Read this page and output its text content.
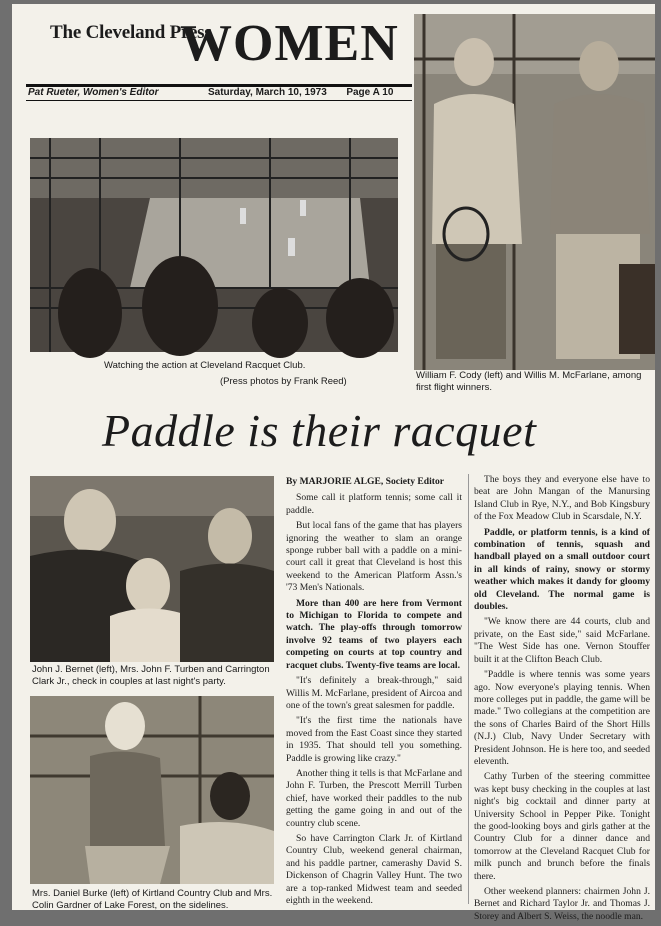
The Cleveland Press
WOMEN
Pat Rueter, Women's Editor	Saturday, March 10, 1973 Page A 10
Watching the action at Cleveland Racquet Club.
(Press photos by Frank Reed)
William F. Cody (left) and Willis M. McFarlane, among first flight winners.
Paddle is their racquet
John J. Bernet (left), Mrs. John F. Turben and Carrington Clark Jr., check in couples at last night's party.
Mrs. Daniel Burke (left) of Kirtland Country Club and Mrs. Colin Gardner of Lake Forest, on the sidelines.
By MARJORIE ALGE, Society Editor

Some call it platform tennis; some call it paddle.

But local fans of the game that has players ignoring the weather to slam an orange sponge rubber ball with a paddle on a mini-court call it great that Cleveland is host this weekend to the American Platform Assn.'s '73 Men's Nationals.

More than 400 are here from Vermont to Michigan to Florida to compete and watch. The play-offs through tomorrow involve 92 teams of two players each competing on courts at top country and racquet clubs. Twenty-five teams are local.

"It's definitely a break-through," said Willis M. McFarlane, president of Aircoa and one of the town's great salesmen for paddle.

"It's the first time the nationals have moved from the East Coast since they started in 1935. That should tell you something. Paddle is growing like crazy."

Another thing it tells is that McFarlane and John F. Turben, the Prescott Merrill Turben chief, have worked their paddles to the nub getting the game going in and out of the country club scene.

So have Carrington Clark Jr. of Kirtland Country Club, weekend general chairman, and his paddle partner, camerashy David S. Dickenson of Chagrin Valley Hunt. The two are a top-ranked Midwest team and seeded eighth in the weekend.

The boys they and everyone else have to beat are John Mangan of the Manursing Island Club in Rye, N.Y., and Bob Kingsbury of the Fox Meadow Club in Scarsdale, N.Y.

Paddle, or platform tennis, is a kind of combination of tennis, squash and handball played on a small outdoor court in all kinds of rainy, snowy or stormy weather which makes it dandy for gloomy old Cleveland. The normal game is doubles.

"We know there are 44 courts, club and private, on the East side," said McFarlane. "The West Side has one. Vernon Stouffer built it at the Clifton Beach Club.

"Paddle is where tennis was some years ago. Now everyone's playing tennis. When more colleges put in paddle, the game will be made." Two collegians at the competition are the sons of Charles Baird of the Short Hills (N.J.) Club, Navy Under Secretary with President Johnson. He is here too, and seeded eleventh.

Cathy Turben of the steering committee was kept busy checking in the couples at last night's big cocktail and dinner party at University School in Pepper Pike. Tonight the good-looking boys and girls gather at the Country Club for a dinner dance and tomorrow at the Cleveland Racquet Club for milk punch and brunch before the finals there.

Other weekend planners: chairmen John J. Bernet and Richard Taylor Jr. and Thomas J. Storey and Albert S. Weiss, the noodle man.
